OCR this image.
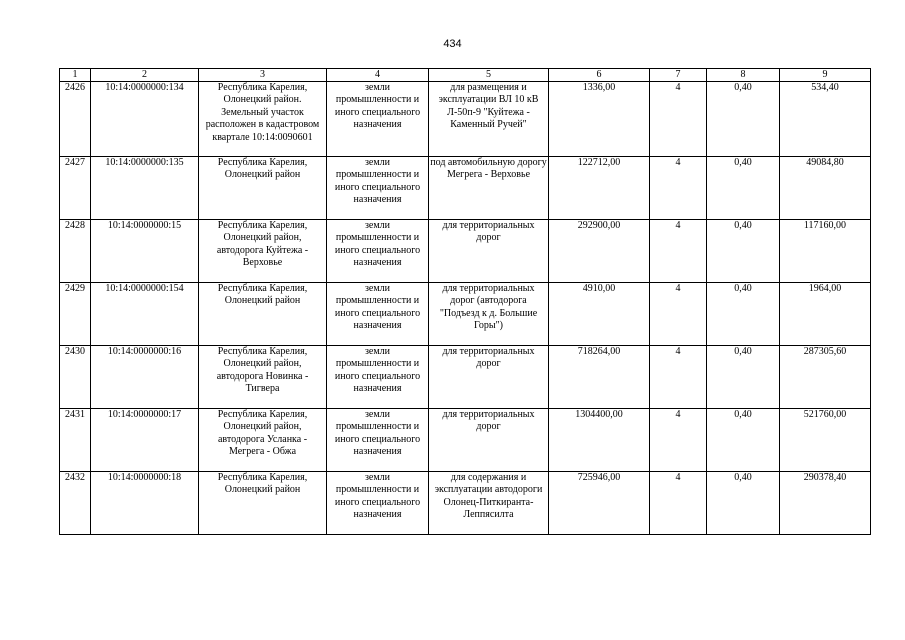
434
1	2	3	4	5	6	7	8	9
2426	10:14:0000000:134	Республика Карелия, Олонецкий район. Земельный участок расположен в кадастровом квартале 10:14:0090601	земли промышленности и иного специального назначения	для размещения и эксплуатации ВЛ 10 кВ Л-50п-9 "Куйтежа - Каменный Ручей"	1336,00	4	0,40	534,40
2427	10:14:0000000:135	Республика Карелия, Олонецкий район	земли промышленности и иного специального назначения	под автомобильную дорогу Мегрега - Верховье	122712,00	4	0,40	49084,80
2428	10:14:0000000:15	Республика Карелия, Олонецкий район, автодорога Куйтежа - Верховье	земли промышленности и иного специального назначения	для территориальных дорог	292900,00	4	0,40	117160,00
2429	10:14:0000000:154	Республика Карелия, Олонецкий район	земли промышленности и иного специального назначения	для территориальных дорог (автодорога "Подъезд к д. Большие Горы")	4910,00	4	0,40	1964,00
2430	10:14:0000000:16	Республика Карелия, Олонецкий район, автодорога Новинка - Тигвера	земли промышленности и иного специального назначения	для территориальных дорог	718264,00	4	0,40	287305,60
2431	10:14:0000000:17	Республика Карелия, Олонецкий район, автодорога Усланка - Мегрега - Обжа	земли промышленности и иного специального назначения	для территориальных дорог	1304400,00	4	0,40	521760,00
2432	10:14:0000000:18	Республика Карелия, Олонецкий район	земли промышленности и иного специального назначения	для содержания и эксплуатации автодороги Олонец-Питкиранта-Леппясилта	725946,00	4	0,40	290378,40
